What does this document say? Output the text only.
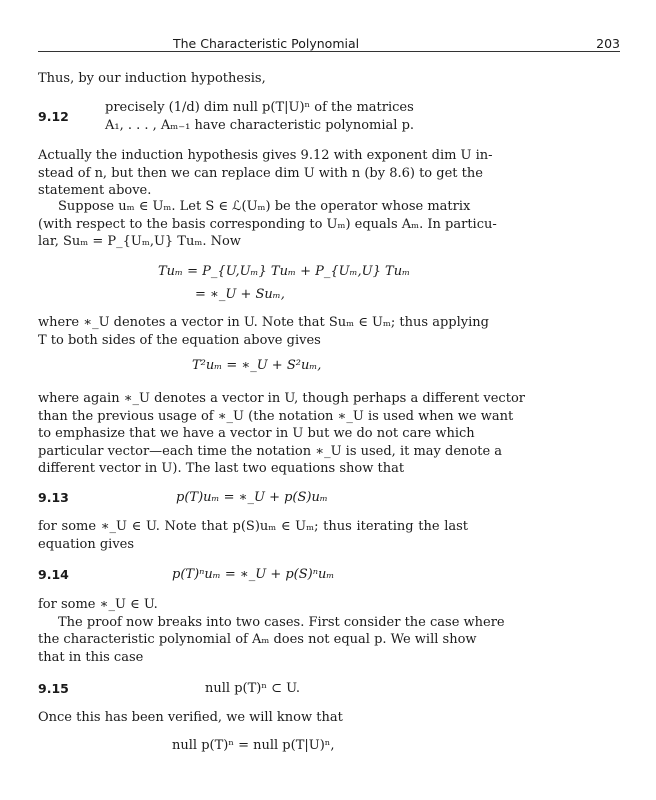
The Characteristic Polynomial	203

Thus, by our induction hypothesis,

9.12
precisely (1/d) dim null p(T|U)ⁿ of the matrices
A₁, . . . , Aₘ₋₁ have characteristic polynomial p.

Actually the induction hypothesis gives 9.12 with exponent dim U in-
stead of n, but then we can replace dim U with n (by 8.6) to get the
statement above.

Suppose uₘ ∈ Uₘ. Let S ∈ ℒ(Uₘ) be the operator whose matrix
(with respect to the basis corresponding to Uₘ) equals Aₘ. In particu-
lar, Suₘ = P_{Uₘ,U} Tuₘ. Now

Tuₘ = P_{U,Uₘ} Tuₘ + P_{Uₘ,U} Tuₘ
= ∗_U + Suₘ,

where ∗_U denotes a vector in U. Note that Suₘ ∈ Uₘ; thus applying
T to both sides of the equation above gives

T²uₘ = ∗_U + S²uₘ,

where again ∗_U denotes a vector in U, though perhaps a different vector
than the previous usage of ∗_U (the notation ∗_U is used when we want
to emphasize that we have a vector in U but we do not care which
particular vector—each time the notation ∗_U is used, it may denote a
different vector in U). The last two equations show that

9.13	p(T)uₘ = ∗_U + p(S)uₘ

for some ∗_U ∈ U. Note that p(S)uₘ ∈ Uₘ; thus iterating the last
equation gives

9.14	p(T)ⁿuₘ = ∗_U + p(S)ⁿuₘ

for some ∗_U ∈ U.
The proof now breaks into two cases. First consider the case where
the characteristic polynomial of Aₘ does not equal p. We will show
that in this case

9.15	null p(T)ⁿ ⊂ U.

Once this has been verified, we will know that

null p(T)ⁿ = null p(T|U)ⁿ,
